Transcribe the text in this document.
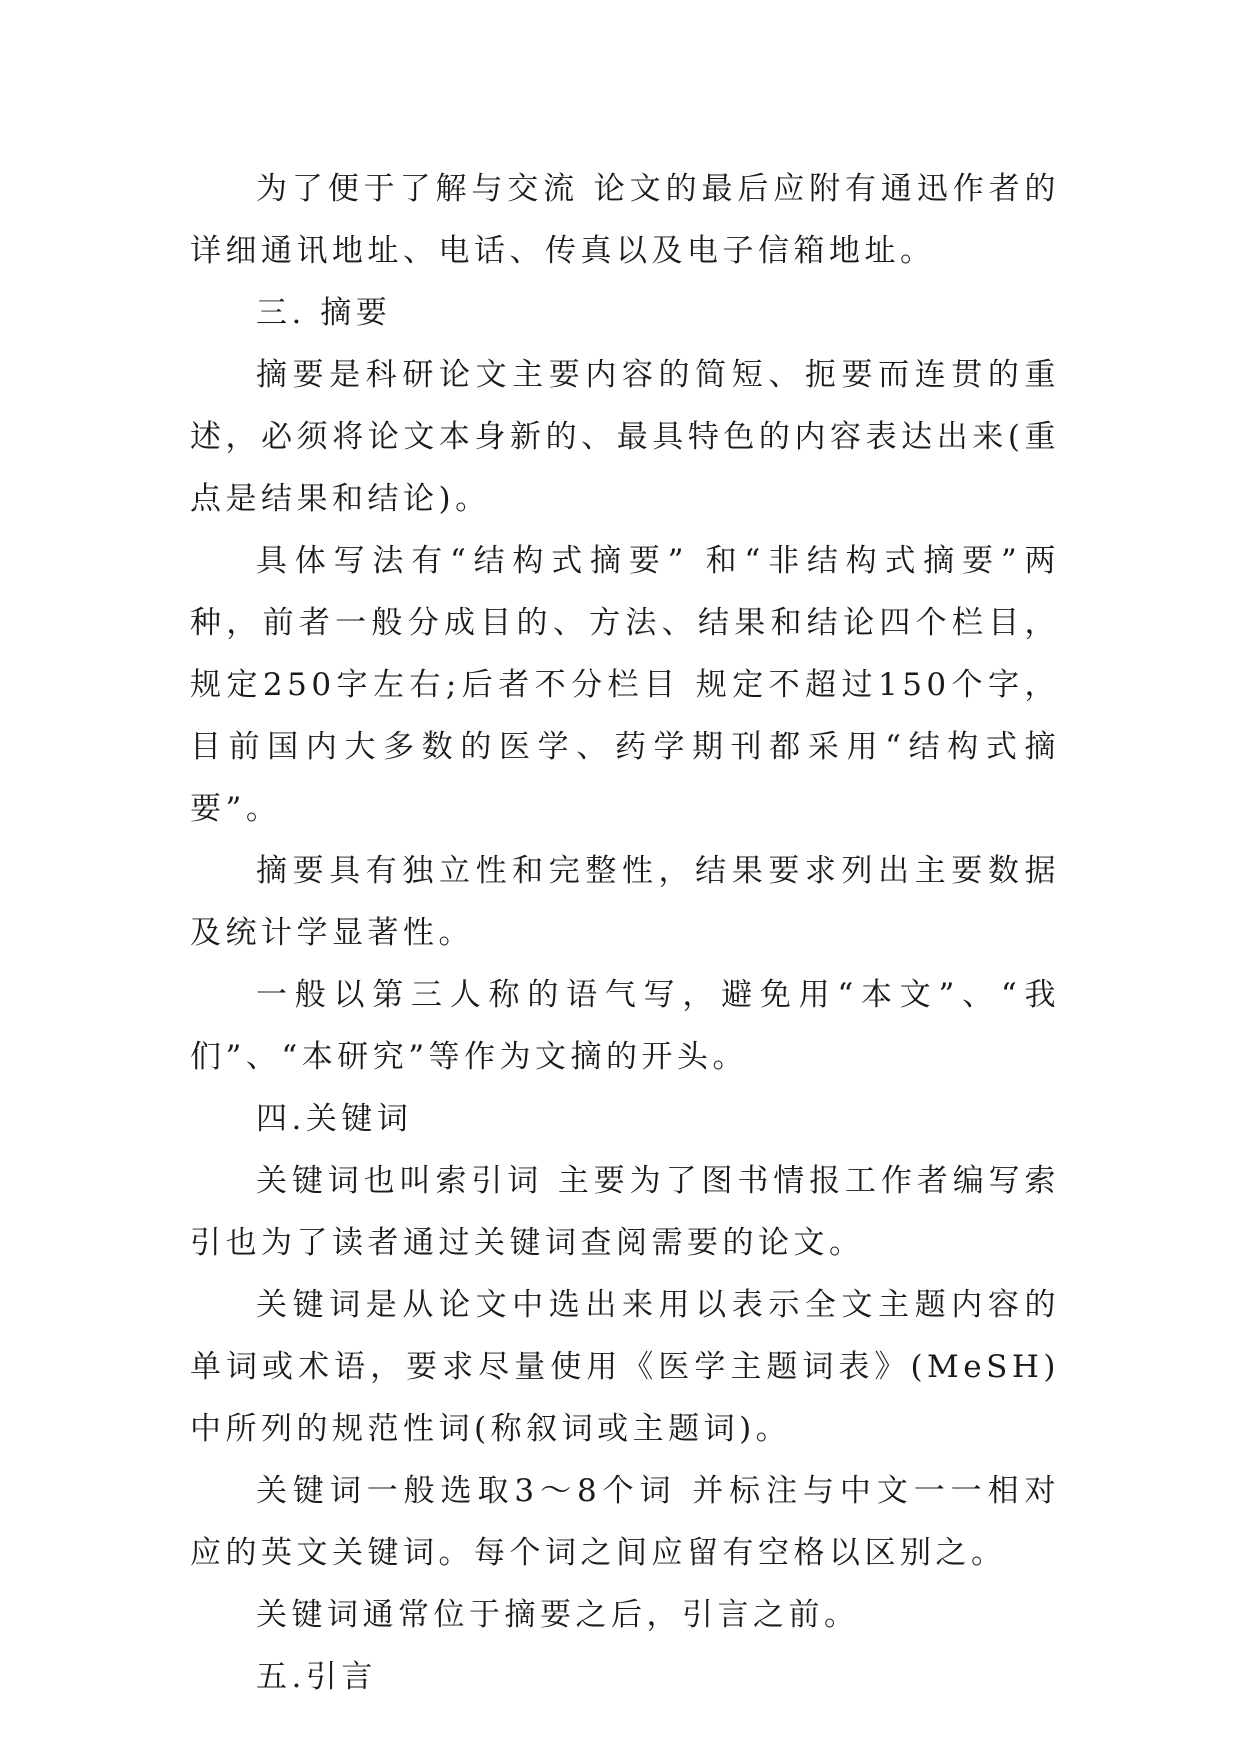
为了便于了解与交流 论文的最后应附有通迅作者的详细通讯地址、电话、传真以及电子信箱地址。

三. 摘要

摘要是科研论文主要内容的简短、扼要而连贯的重述，必须将论文本身新的、最具特色的内容表达出来(重点是结果和结论)。

具体写法有“结构式摘要” 和“非结构式摘要”两种，前者一般分成目的、方法、结果和结论四个栏目，规定250字左右;后者不分栏目 规定不超过150个字，目前国内大多数的医学、药学期刊都采用“结构式摘要”。

摘要具有独立性和完整性，结果要求列出主要数据及统计学显著性。

一般以第三人称的语气写，避免用“本文”、“我们”、“本研究”等作为文摘的开头。

四.关键词

关键词也叫索引词 主要为了图书情报工作者编写索引也为了读者通过关键词查阅需要的论文。

关键词是从论文中选出来用以表示全文主题内容的单词或术语，要求尽量使用《医学主题词表》(MeSH) 中所列的规范性词(称叙词或主题词)。

关键词一般选取3～8个词 并标注与中文一一相对应的英文关键词。每个词之间应留有空格以区别之。

关键词通常位于摘要之后，引言之前。

五.引言
